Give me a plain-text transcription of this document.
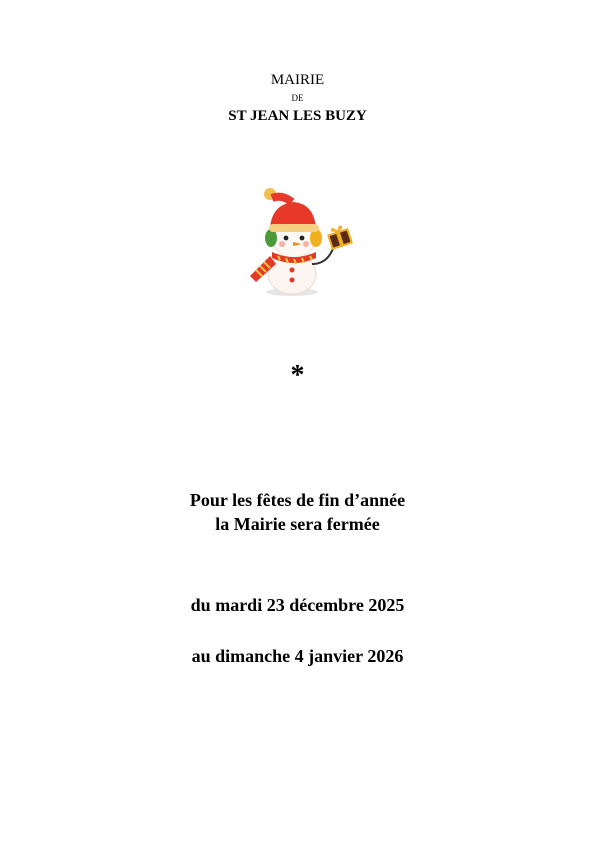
MAIRIE
DE
ST JEAN LES BUZY
*
Pour les fêtes de fin d’année
la Mairie sera fermée
du mardi 23 décembre 2025
au dimanche 4 janvier 2026
